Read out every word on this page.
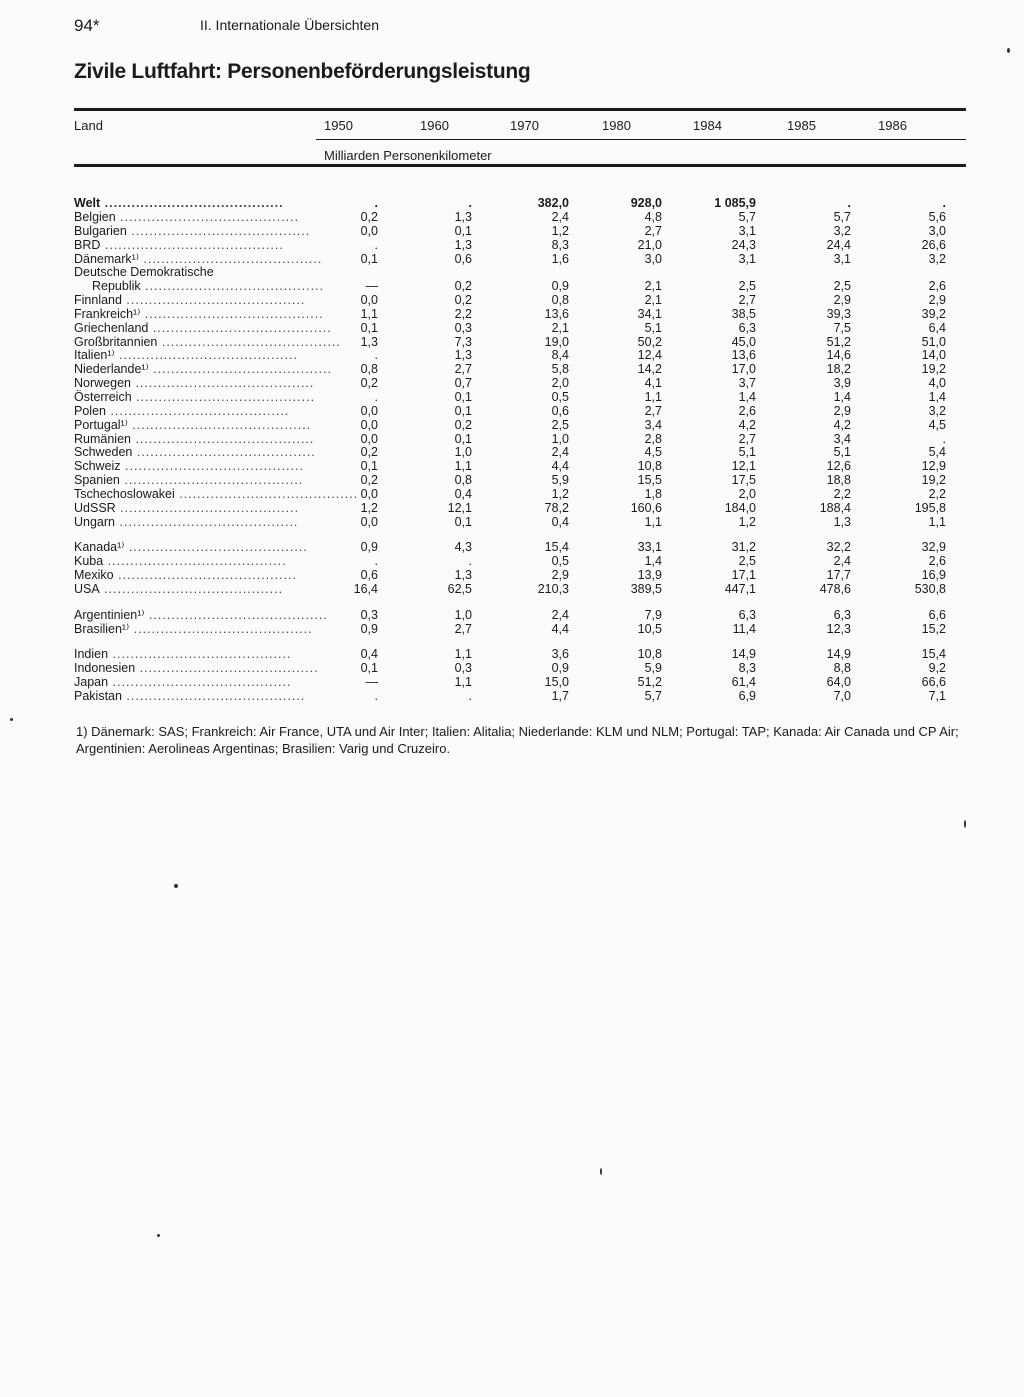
94*	II. Internationale Übersichten
Zivile Luftfahrt: Personenbeförderungsleistung
Land	1950	1960	1970	1980	1984	1985	1986
Milliarden Personenkilometer
Welt ........................................	.	.	382,0	928,0	1 085,9	.	.
Belgien ........................................	0,2	1,3	2,4	4,8	5,7	5,7	5,6
Bulgarien ........................................	0,0	0,1	1,2	2,7	3,1	3,2	3,0
BRD ........................................	.	1,3	8,3	21,0	24,3	24,4	26,6
Dänemark¹⁾ ........................................	0,1	0,6	1,6	3,0	3,1	3,1	3,2
Deutsche Demokratische							
Republik ........................................	—	0,2	0,9	2,1	2,5	2,5	2,6
Finnland ........................................	0,0	0,2	0,8	2,1	2,7	2,9	2,9
Frankreich¹⁾ ........................................	1,1	2,2	13,6	34,1	38,5	39,3	39,2
Griechenland ........................................	0,1	0,3	2,1	5,1	6,3	7,5	6,4
Großbritannien ........................................	1,3	7,3	19,0	50,2	45,0	51,2	51,0
Italien¹⁾ ........................................	.	1,3	8,4	12,4	13,6	14,6	14,0
Niederlande¹⁾ ........................................	0,8	2,7	5,8	14,2	17,0	18,2	19,2
Norwegen ........................................	0,2	0,7	2,0	4,1	3,7	3,9	4,0
Österreich ........................................	.	0,1	0,5	1,1	1,4	1,4	1,4
Polen ........................................	0,0	0,1	0,6	2,7	2,6	2,9	3,2
Portugal¹⁾ ........................................	0,0	0,2	2,5	3,4	4,2	4,2	4,5
Rumänien ........................................	0,0	0,1	1,0	2,8	2,7	3,4	.
Schweden ........................................	0,2	1,0	2,4	4,5	5,1	5,1	5,4
Schweiz ........................................	0,1	1,1	4,4	10,8	12,1	12,6	12,9
Spanien ........................................	0,2	0,8	5,9	15,5	17,5	18,8	19,2
Tschechoslowakei ........................................	0,0	0,4	1,2	1,8	2,0	2,2	2,2
UdSSR ........................................	1,2	12,1	78,2	160,6	184,0	188,4	195,8
Ungarn ........................................	0,0	0,1	0,4	1,1	1,2	1,3	1,1

Kanada¹⁾ ........................................	0,9	4,3	15,4	33,1	31,2	32,2	32,9
Kuba ........................................	.	.	0,5	1,4	2,5	2,4	2,6
Mexiko ........................................	0,6	1,3	2,9	13,9	17,1	17,7	16,9
USA ........................................	16,4	62,5	210,3	389,5	447,1	478,6	530,8

Argentinien¹⁾ ........................................	0,3	1,0	2,4	7,9	6,3	6,3	6,6
Brasilien¹⁾ ........................................	0,9	2,7	4,4	10,5	11,4	12,3	15,2

Indien ........................................	0,4	1,1	3,6	10,8	14,9	14,9	15,4
Indonesien ........................................	0,1	0,3	0,9	5,9	8,3	8,8	9,2
Japan ........................................	—	1,1	15,0	51,2	61,4	64,0	66,6
Pakistan ........................................	.	.	1,7	5,7	6,9	7,0	7,1
1) Dänemark: SAS; Frankreich: Air France, UTA und Air Inter; Italien: Alitalia; Niederlande: KLM und NLM; Portugal: TAP; Kanada: Air Canada und CP Air; Argentinien: Aerolineas Argentinas; Brasilien: Varig und Cruzeiro.
